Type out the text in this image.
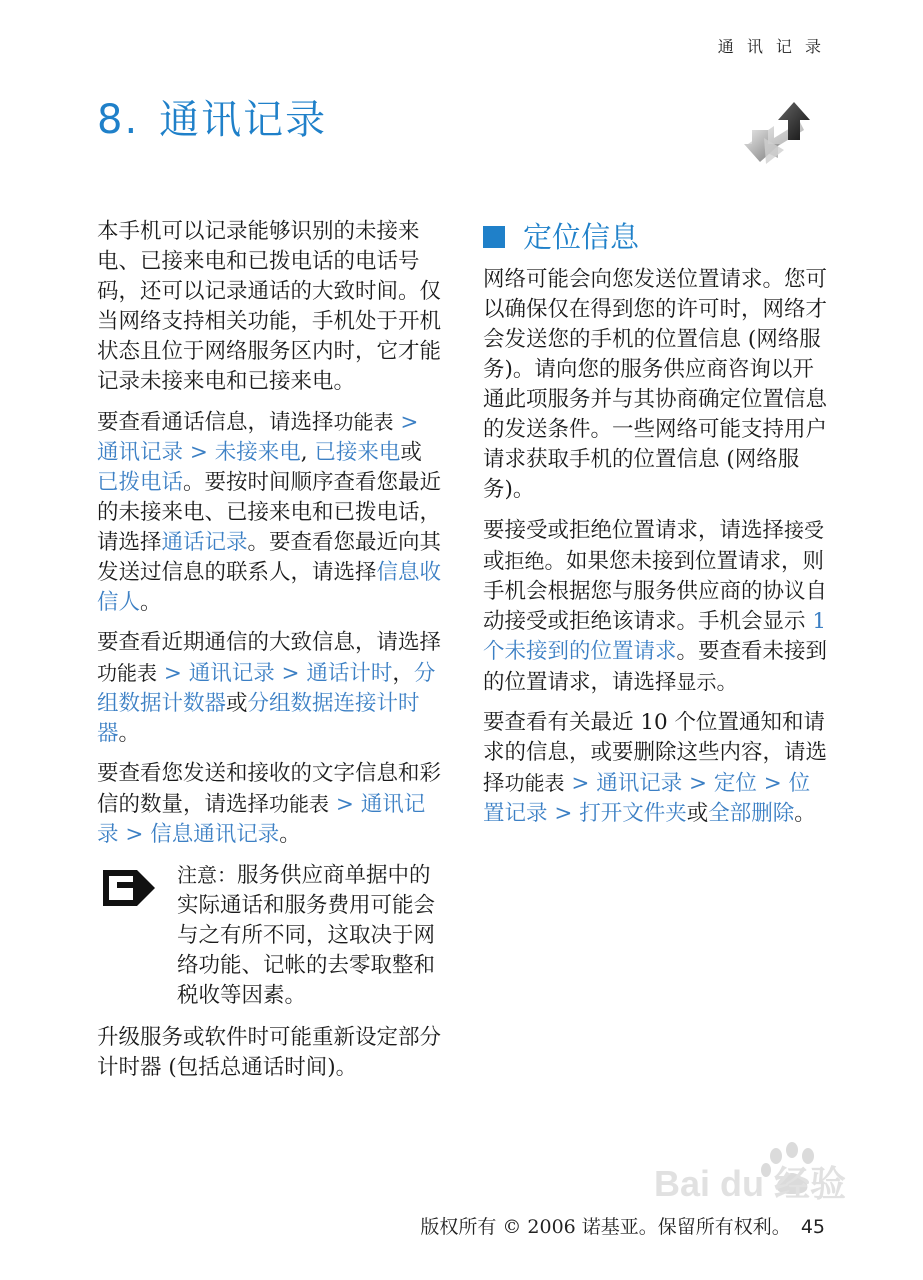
通 讯 记 录
8. 通讯记录

本手机可以记录能够识别的未接来电、已接来电和已拨电话的电话号码，还可以记录通话的大致时间。仅当网络支持相关功能，手机处于开机状态且位于网络服务区内时，它才能记录未接来电和已接来电。

要查看通话信息，请选择功能表 > 通讯记录 > 未接来电, 已接来电或已拨电话。要按时间顺序查看您最近的未接来电、已接来电和已拨电话，请选择通话记录。要查看您最近向其发送过信息的联系人，请选择信息收信人。

要查看近期通信的大致信息，请选择功能表 > 通讯记录 > 通话计时，分组数据计数器或分组数据连接计时器。

要查看您发送和接收的文字信息和彩信的数量，请选择功能表 > 通讯记录 > 信息通讯记录。

注意：服务供应商单据中的实际通话和服务费用可能会与之有所不同，这取决于网络功能、记帐的去零取整和税收等因素。

升级服务或软件时可能重新设定部分计时器 (包括总通话时间)。

定位信息

网络可能会向您发送位置请求。您可以确保仅在得到您的许可时，网络才会发送您的手机的位置信息 (网络服务)。请向您的服务供应商咨询以开通此项服务并与其协商确定位置信息的发送条件。一些网络可能支持用户请求获取手机的位置信息 (网络服务)。

要接受或拒绝位置请求，请选择接受或拒绝。如果您未接到位置请求，则手机会根据您与服务供应商的协议自动接受或拒绝该请求。手机会显示 1 个未接到的位置请求。要查看未接到的位置请求，请选择显示。

要查看有关最近 10 个位置通知和请求的信息，或要删除这些内容，请选择功能表 > 通讯记录 > 定位 > 位置记录 > 打开文件夹或全部删除。

Bai du 经验
版权所有 © 2006 诺基亚。保留所有权利。 45
